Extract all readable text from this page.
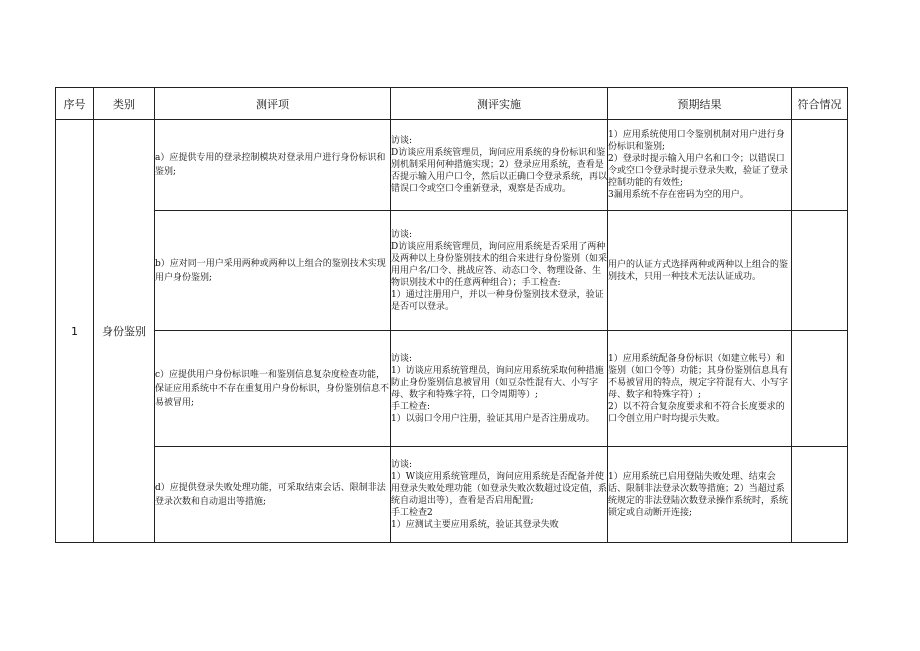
序号	类别	测评项	测评实施	预期结果	符合情况
1	身份鉴别	a）应提供专用的登录控制模块对登录用户进行身份标识和鉴别;	访谈:
D访谈应用系统管理员，询问应用系统的身份标识和鉴别机制采用何种措施实现；2）登录应用系统，查看是否提示输入用户口令，然后以正确口令登录系统，再以错误口令或空口令重新登录，观察是否成功。	1）应用系统使用口令鉴别机制对用户进行身份标识和鉴别;
2）登录时提示输入用户名和口令；以错误口令或空口令登录时提示登录失败，验证了登录控制功能的有效性;
3漏用系统不存在密码为空的用户。	
		b）应对同一用户采用两种或两种以上组合的鉴别技术实现用户身份鉴别;	访谈:
D访谈应用系统管理员，询问应用系统是否采用了两种及两种以上身份鉴别技术的组合来进行身份鉴别（如采用用户名/口令、挑战应答、动态口令、物理设备、生物识别技术中的任意两种组合）；手工检查:
1）通过注册用户，并以一种身份鉴别技术登录，验证是否可以登录。	用户的认证方式选择两种或两种以上组合的鉴别技术，只用一种技术无法认证成功。	
		c）应提供用户身份标识唯一和鉴别信息复杂度检查功能，保证应用系统中不存在重复用户身份标识，身份鉴别信息不易被冒用;	访谈:
1）访谈应用系统管理员，询问应用系统采取何种措施防止身份鉴别信息被冒用（如豆杂性混有大、小写字母、数字和特殊字符，口令周期等）;
手工检查:
1）以弱口令用户注册，验证其用户是否注册成功。	1）应用系统配备身份标识（如建立帐号）和鉴别（如口令等）功能；其身份鉴别信息具有不易被冒用的特点，规定字符混有大、小写字母、数字和特殊字符）;
2）以不符合复杂度要求和不符合长度要求的口令创立用户时均提示失败。	
		d）应提供登录失败处理功能，可采取结束会话、限制非法登录次数和自动退出等措施;	访谈:
1）W谈应用系统管理员，询问应用系统是否配备并使用登录失败处理功能（如登录失败次数超过设定值，系统自动退出等），查看是否启用配置;
手工检查2
1）应测试主要应用系统，验证其登录失败	1）应用系统已启用登陆失败处理、结束会话、限制非法登录次数等措施；2）当超过系统规定的非法登陆次数登录操作系统时，系统锁定或自动断开连接;	
